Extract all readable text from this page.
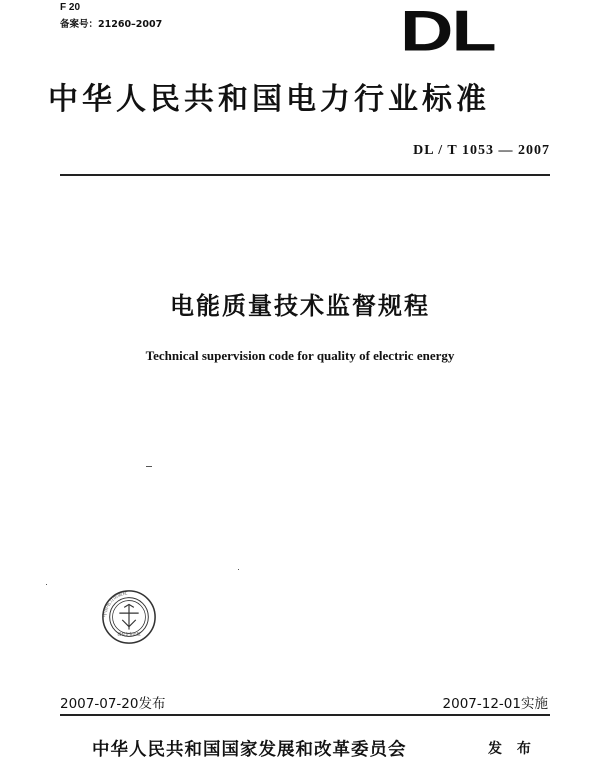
F 20
备案号：21260–2007	DL
中华人民共和国电力行业标准
DL / T 1053 — 2007
电能质量技术监督规程
Technical supervision code for quality of electric energy
中国电力出版社
授权专有出版
2007-07-20发布	2007-12-01实施
中华人民共和国国家发展和改革委员会	发 布
